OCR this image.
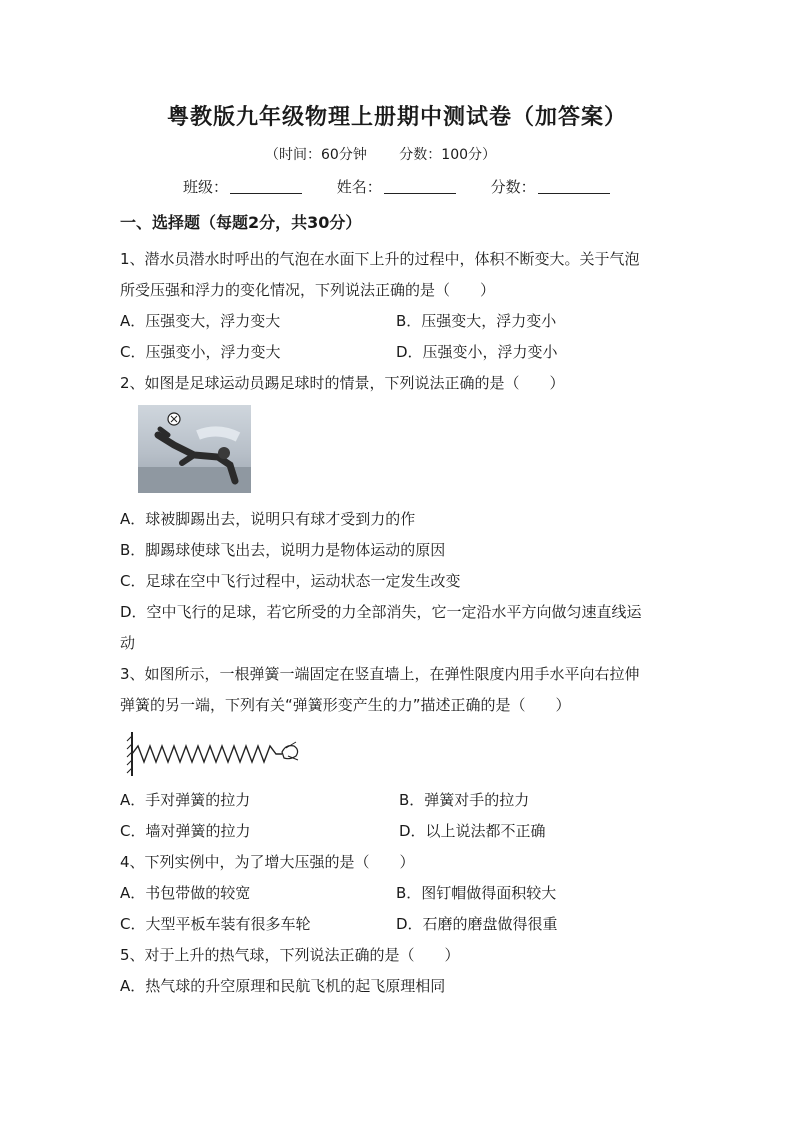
粤教版九年级物理上册期中测试卷（加答案）
（时间：60分钟 分数：100分）
班级：	姓名：	分数：
一、选择题（每题2分，共30分）
1、潜水员潜水时呼出的气泡在水面下上升的过程中，体积不断变大。关于气泡
所受压强和浮力的变化情况，下列说法正确的是（　　）
A．压强变大，浮力变大	B．压强变大，浮力变小
C．压强变小，浮力变大	D．压强变小，浮力变小
2、如图是足球运动员踢足球时的情景，下列说法正确的是（　　）
A．球被脚踢出去，说明只有球才受到力的作
B．脚踢球使球飞出去，说明力是物体运动的原因
C．足球在空中飞行过程中，运动状态一定发生改变
D．空中飞行的足球，若它所受的力全部消失，它一定沿水平方向做匀速直线运
动
3、如图所示，一根弹簧一端固定在竖直墙上，在弹性限度内用手水平向右拉伸
弹簧的另一端，下列有关“弹簧形变产生的力”描述正确的是（　　）
A．手对弹簧的拉力	B．弹簧对手的拉力
C．墙对弹簧的拉力	D．以上说法都不正确
4、下列实例中，为了增大压强的是（　　）
A．书包带做的较宽	B．图钉帽做得面积较大
C．大型平板车装有很多车轮	D．石磨的磨盘做得很重
5、对于上升的热气球，下列说法正确的是（　　）
A．热气球的升空原理和民航飞机的起飞原理相同
